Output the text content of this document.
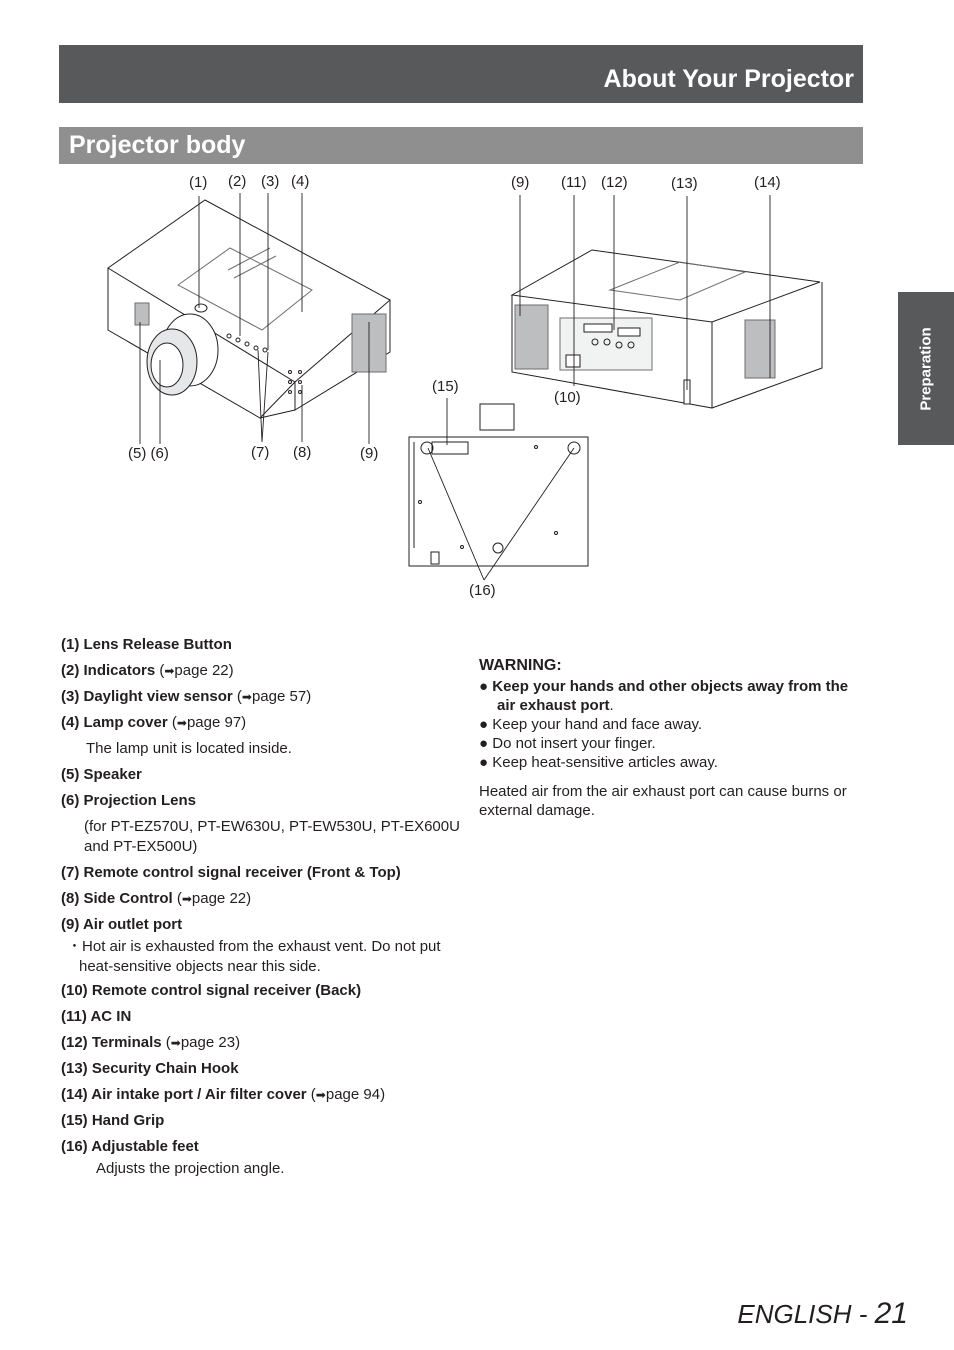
About Your Projector
Projector body
Preparation
(1) (2) (3) (4)
(5) (6)	(7) (8)	(9)
(9) (11) (12)	(13)	(14)
(10)
(15)
(16)

(1) Lens Release Button

(2) Indicators (➡page 22)

(3) Daylight view sensor (➡page 57)

(4) Lamp cover (➡page 97)

The lamp unit is located inside.

(5) Speaker

(6) Projection Lens

(for PT-EZ570U, PT-EW630U, PT-EW530U, PT-EX600U and PT-EX500U)

(7) Remote control signal receiver (Front & Top)

(8) Side Control (➡page 22)

(9) Air outlet port

・Hot air is exhausted from the exhaust vent. Do not put heat-sensitive objects near this side.

(10) Remote control signal receiver (Back)

(11) AC IN

(12) Terminals (➡page 23)

(13) Security Chain Hook

(14) Air intake port / Air filter cover (➡page 94)

(15) Hand Grip

(16) Adjustable feet

Adjusts the projection angle.

WARNING:
● Keep your hands and other objects away from the air exhaust port.
● Keep your hand and face away.
● Do not insert your finger.
● Keep heat-sensitive articles away.
Heated air from the air exhaust port can cause burns or external damage.
ENGLISH - 21
